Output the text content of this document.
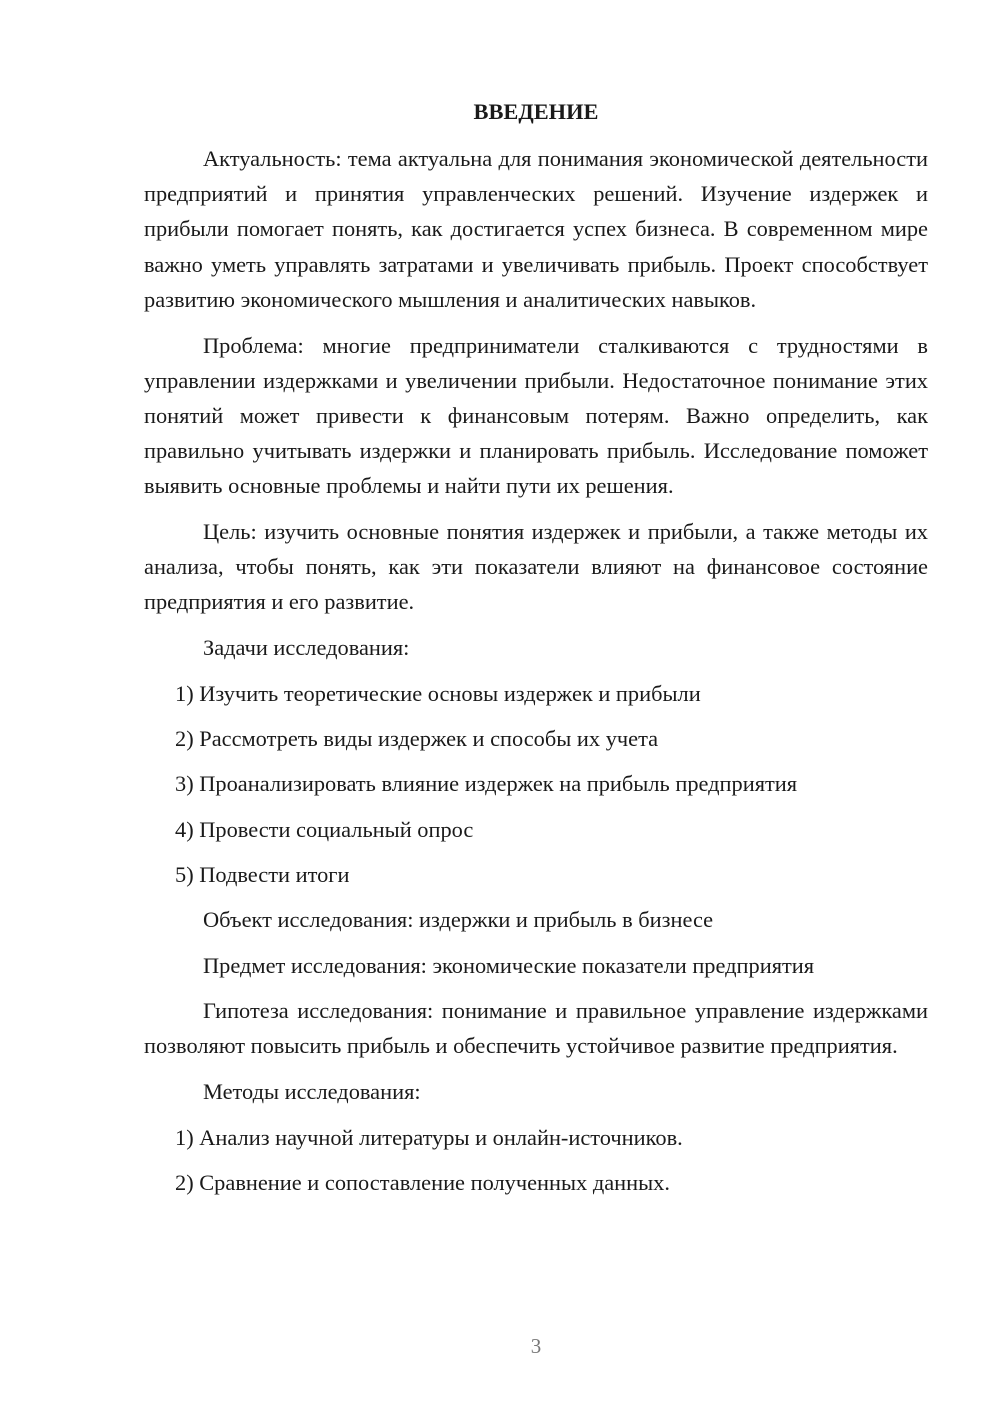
ВВЕДЕНИЕ

Актуальность: тема актуальна для понимания экономической деятельности предприятий и принятия управленческих решений. Изучение издержек и прибыли помогает понять, как достигается успех бизнеса. В современном мире важно уметь управлять затратами и увеличивать прибыль. Проект способствует развитию экономического мышления и аналитических навыков.

Проблема: многие предприниматели сталкиваются с трудностями в управлении издержками и увеличении прибыли. Недостаточное понимание этих понятий может привести к финансовым потерям. Важно определить, как правильно учитывать издержки и планировать прибыль. Исследование поможет выявить основные проблемы и найти пути их решения.

Цель: изучить основные понятия издержек и прибыли, а также методы их анализа, чтобы понять, как эти показатели влияют на финансовое состояние предприятия и его развитие.

Задачи исследования:

1) Изучить теоретические основы издержек и прибыли

2) Рассмотреть виды издержек и способы их учета

3) Проанализировать влияние издержек на прибыль предприятия

4) Провести социальный опрос

5) Подвести итоги

Объект исследования: издержки и прибыль в бизнесе

Предмет исследования: экономические показатели предприятия

Гипотеза исследования: понимание и правильное управление издержками позволяют повысить прибыль и обеспечить устойчивое развитие предприятия.

Методы исследования:

1) Анализ научной литературы и онлайн-источников.

2) Сравнение и сопоставление полученных данных.

3
